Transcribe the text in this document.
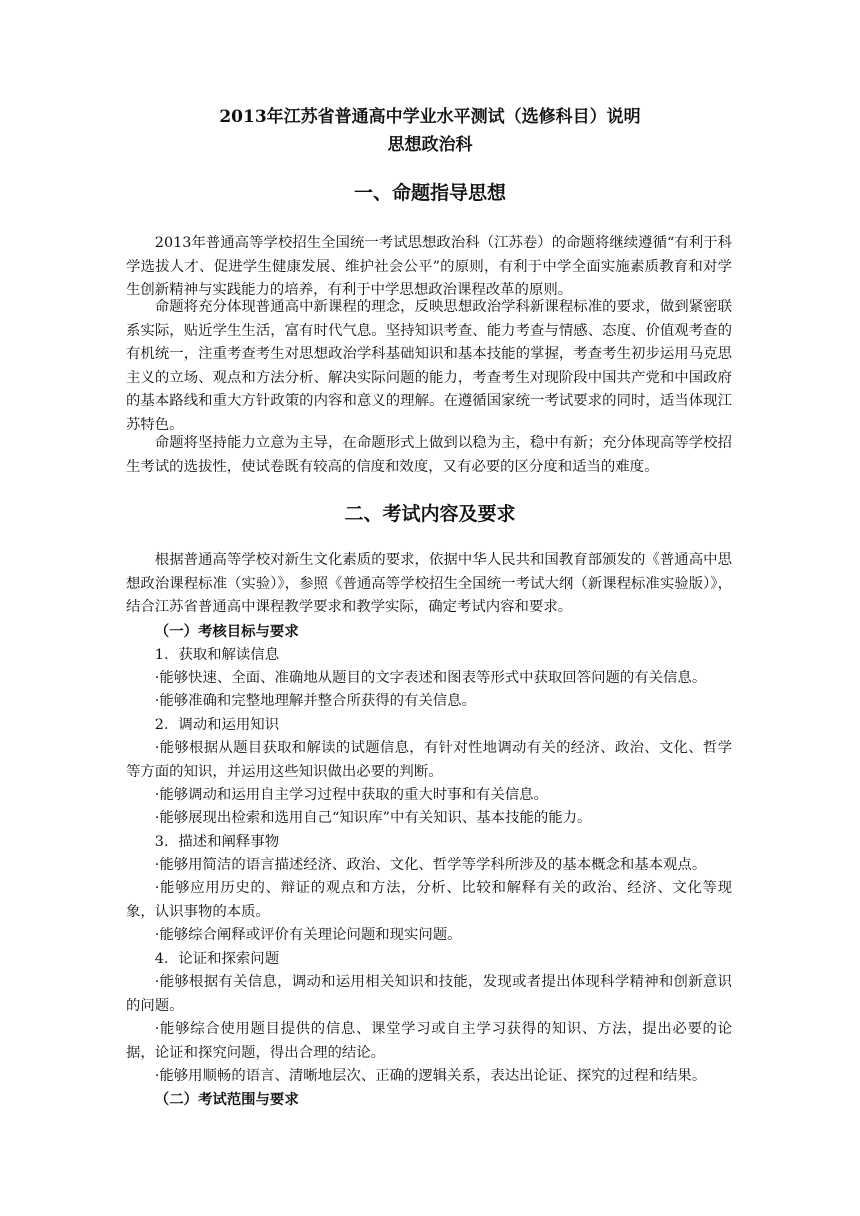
2013年江苏省普通高中学业水平测试（选修科目）说明
思想政治科
一、命题指导思想

2013年普通高等学校招生全国统一考试思想政治科（江苏卷）的命题将继续遵循“有利于科学选拔人才、促进学生健康发展、维护社会公平”的原则，有利于中学全面实施素质教育和对学生创新精神与实践能力的培养，有利于中学思想政治课程改革的原则。

命题将充分体现普通高中新课程的理念，反映思想政治学科新课程标准的要求，做到紧密联系实际，贴近学生生活，富有时代气息。坚持知识考查、能力考查与情感、态度、价值观考查的有机统一，注重考查考生对思想政治学科基础知识和基本技能的掌握，考查考生初步运用马克思主义的立场、观点和方法分析、解决实际问题的能力，考查考生对现阶段中国共产党和中国政府的基本路线和重大方针政策的内容和意义的理解。在遵循国家统一考试要求的同时，适当体现江苏特色。

命题将坚持能力立意为主导，在命题形式上做到以稳为主，稳中有新；充分体现高等学校招生考试的选拔性，使试卷既有较高的信度和效度，又有必要的区分度和适当的难度。

二、考试内容及要求

根据普通高等学校对新生文化素质的要求，依据中华人民共和国教育部颁发的《普通高中思想政治课程标准（实验）》，参照《普通高等学校招生全国统一考试大纲（新课程标准实验版）》，结合江苏省普通高中课程教学要求和教学实际，确定考试内容和要求。

（一）考核目标与要求

1．获取和解读信息

·能够快速、全面、准确地从题目的文字表述和图表等形式中获取回答问题的有关信息。

·能够准确和完整地理解并整合所获得的有关信息。

2．调动和运用知识

·能够根据从题目获取和解读的试题信息，有针对性地调动有关的经济、政治、文化、哲学等方面的知识，并运用这些知识做出必要的判断。

·能够调动和运用自主学习过程中获取的重大时事和有关信息。

·能够展现出检索和选用自己“知识库”中有关知识、基本技能的能力。

3．描述和阐释事物

·能够用简洁的语言描述经济、政治、文化、哲学等学科所涉及的基本概念和基本观点。

·能够应用历史的、辩证的观点和方法，分析、比较和解释有关的政治、经济、文化等现象，认识事物的本质。

·能够综合阐释或评价有关理论问题和现实问题。

4．论证和探索问题

·能够根据有关信息，调动和运用相关知识和技能，发现或者提出体现科学精神和创新意识的问题。

·能够综合使用题目提供的信息、课堂学习或自主学习获得的知识、方法，提出必要的论据，论证和探究问题，得出合理的结论。

·能够用顺畅的语言、清晰地层次、正确的逻辑关系，表达出论证、探究的过程和结果。

（二）考试范围与要求
